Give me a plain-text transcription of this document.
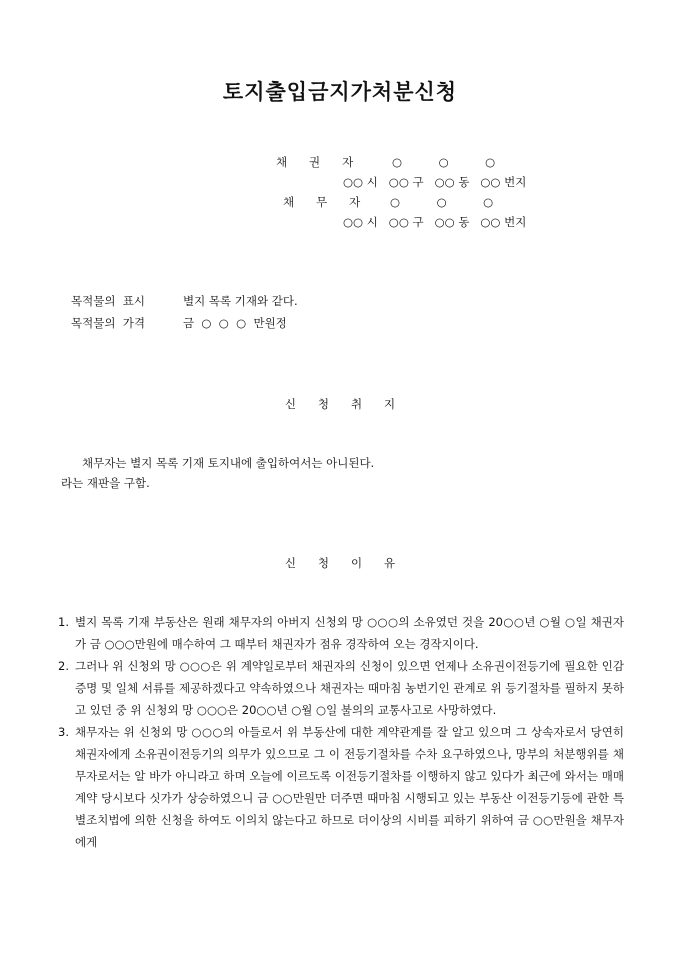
토지출입금지가처분신청
채      권      자	○          ○          ○
○○ 시   ○○ 구   ○○ 동   ○○ 번지
채      무      자	○          ○          ○
○○ 시   ○○ 구   ○○ 동   ○○ 번지
목적물의  표시	별지 목록 기재와 같다.
목적물의  가격	금  ○  ○  ○  만원정
신      청      취      지
채무자는 별지 목록 기재 토지내에 출입하여서는 아니된다.
라는 재판을 구함.
신      청      이      유
1. 별지 목록 기재 부동산은 원래 채무자의 아버지 신청외 망 ○○○의 소유였던 것을 20○○년 ○월 ○일 채권자가 금 ○○○만원에 매수하여 그 때부터 채권자가 점유 경작하여 오는 경작지이다.
2. 그러나 위 신청외 망 ○○○은 위 계약일로부터 채권자의 신청이 있으면 언제나 소유권이전등기에 필요한 인감증명 및 일체 서류를 제공하겠다고 약속하였으나 채권자는 때마침 농번기인 관계로 위 등기절차를 필하지 못하고 있던 중 위 신청외 망 ○○○은 20○○년 ○월 ○일 불의의 교통사고로 사망하였다.
3. 채무자는 위 신청외 망 ○○○의 아들로서 위 부동산에 대한 계약관계를 잘 알고 있으며 그 상속자로서 당연히 채권자에게 소유권이전등기의 의무가 있으므로 그 이 전등기절차를 수차 요구하였으나, 망부의 처분행위를 채무자로서는 알 바가 아니라고 하며 오늘에 이르도록 이전등기절차를 이행하지 않고 있다가 최근에 와서는 매매 계약 당시보다 싯가가 상승하였으니 금 ○○만원만 더주면 때마침 시행되고 있는 부동산 이전등기등에 관한 특별조치법에 의한 신청을 하여도 이의치 않는다고 하므로 더이상의 시비를 피하기 위하여 금 ○○만원을 채무자에게
